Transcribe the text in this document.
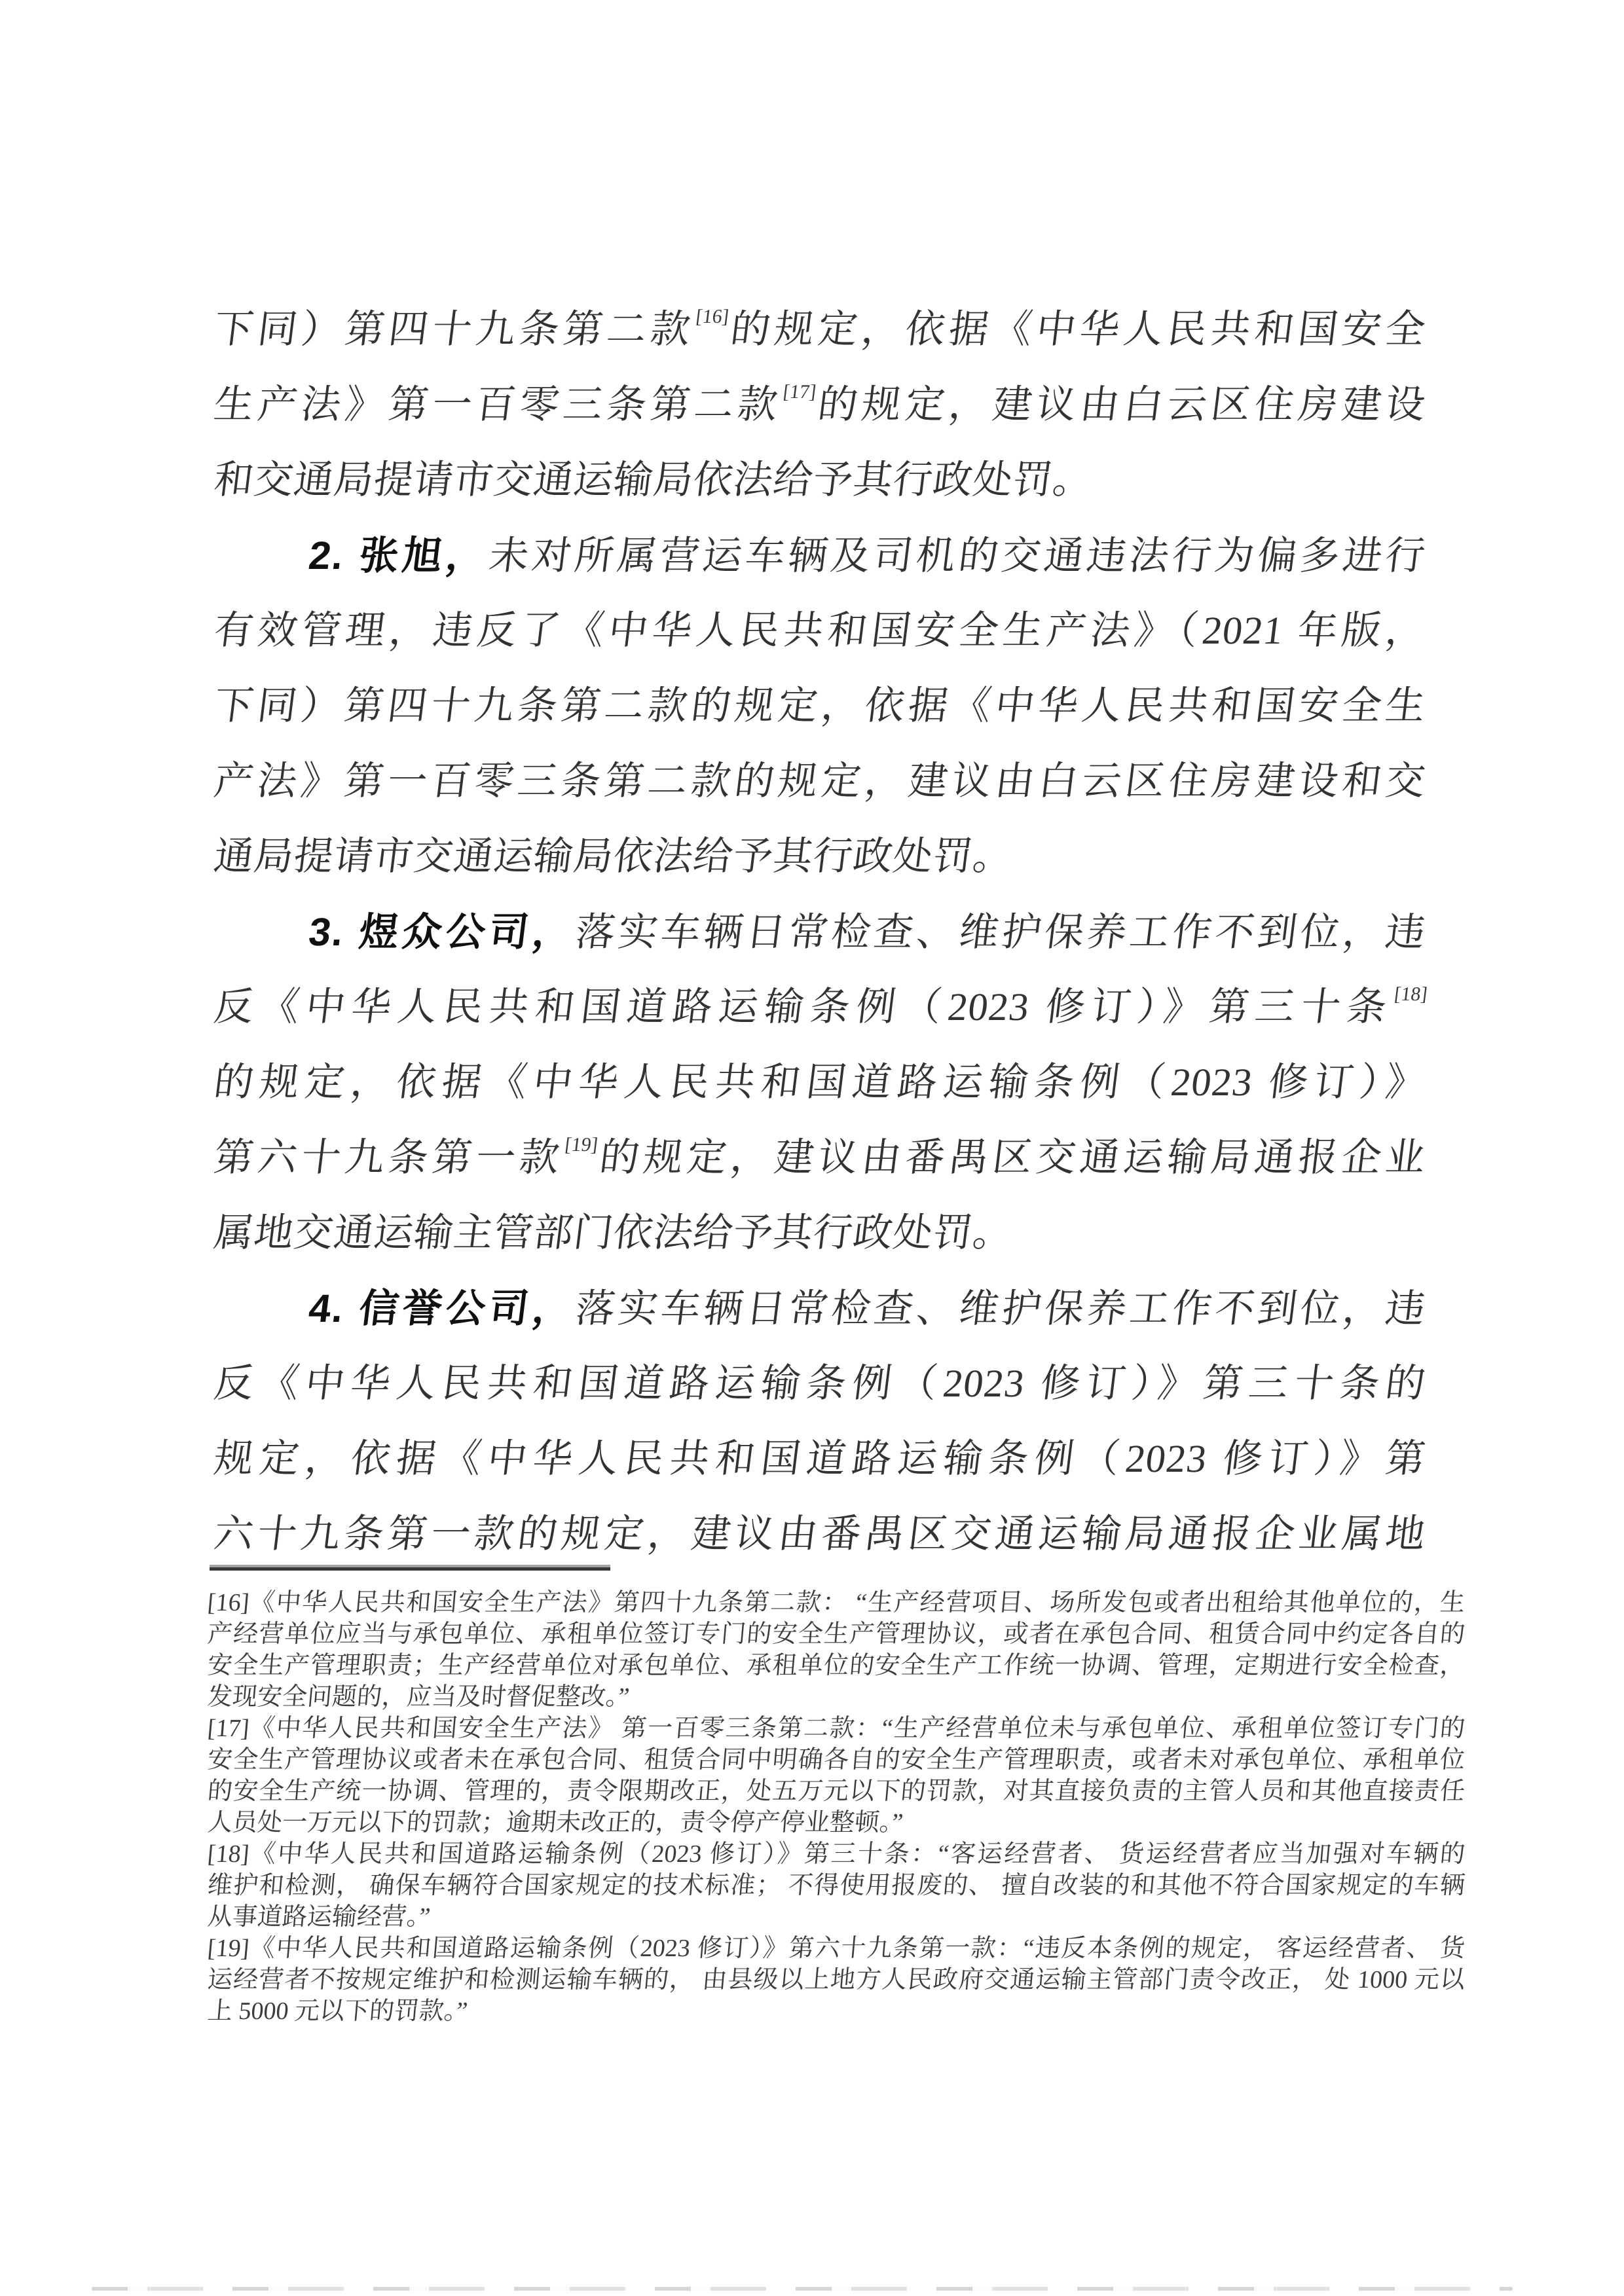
下同）第四十九条第二款[16]的规定，依据《中华人民共和国安全
生产法》第一百零三条第二款[17]的规定，建议由白云区住房建设
和交通局提请市交通运输局依法给予其行政处罚。
2. 张旭，未对所属营运车辆及司机的交通违法行为偏多进行
有效管理，违反了《中华人民共和国安全生产法》（2021 年版，
下同）第四十九条第二款的规定，依据《中华人民共和国安全生
产法》第一百零三条第二款的规定，建议由白云区住房建设和交
通局提请市交通运输局依法给予其行政处罚。
3. 煜众公司，落实车辆日常检查、维护保养工作不到位，违
反《中华人民共和国道路运输条例（2023 修订）》第三十条[18]
的规定，依据《中华人民共和国道路运输条例（2023 修订）》
第六十九条第一款[19]的规定，建议由番禺区交通运输局通报企业
属地交通运输主管部门依法给予其行政处罚。
4. 信誉公司，落实车辆日常检查、维护保养工作不到位，违
反《中华人民共和国道路运输条例（2023 修订）》第三十条的
规定，依据《中华人民共和国道路运输条例（2023 修订）》第
六十九条第一款的规定，建议由番禺区交通运输局通报企业属地
[16]《中华人民共和国安全生产法》第四十九条第二款： “生产经营项目、场所发包或者出租给其他单位的，生
产经营单位应当与承包单位、承租单位签订专门的安全生产管理协议，或者在承包合同、租赁合同中约定各自的
安全生产管理职责；生产经营单位对承包单位、承租单位的安全生产工作统一协调、管理，定期进行安全检查，
发现安全问题的，应当及时督促整改。”
[17]《中华人民共和国安全生产法》 第一百零三条第二款：“生产经营单位未与承包单位、承租单位签订专门的
安全生产管理协议或者未在承包合同、租赁合同中明确各自的安全生产管理职责，或者未对承包单位、承租单位
的安全生产统一协调、管理的，责令限期改正，处五万元以下的罚款，对其直接负责的主管人员和其他直接责任
人员处一万元以下的罚款；逾期未改正的，责令停产停业整顿。”
[18]《中华人民共和国道路运输条例（2023 修订）》第三十条：“客运经营者、 货运经营者应当加强对车辆的
维护和检测， 确保车辆符合国家规定的技术标准； 不得使用报废的、 擅自改装的和其他不符合国家规定的车辆
从事道路运输经营。”
[19]《中华人民共和国道路运输条例（2023 修订）》第六十九条第一款：“违反本条例的规定， 客运经营者、 货
运经营者不按规定维护和检测运输车辆的， 由县级以上地方人民政府交通运输主管部门责令改正， 处 1000 元以
上 5000 元以下的罚款。”
